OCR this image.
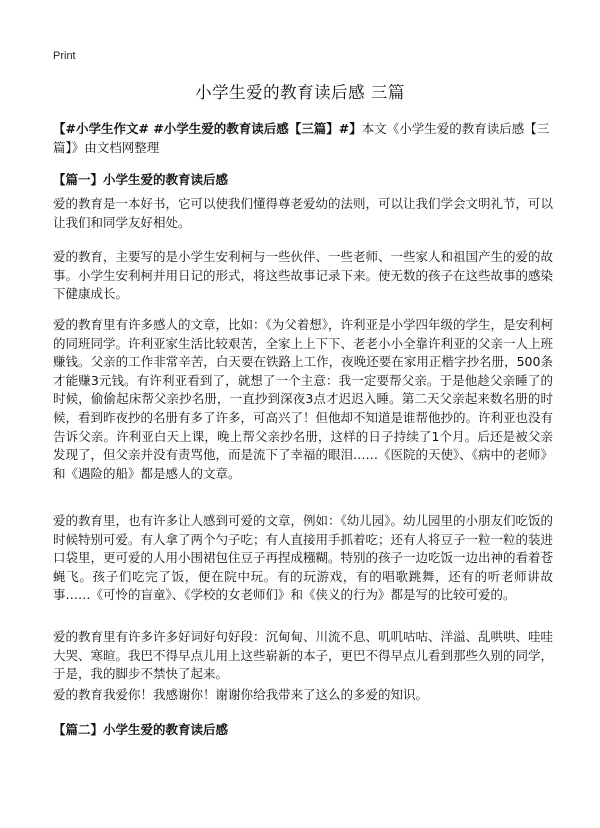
Print
小学生爱的教育读后感 三篇
【#小学生作文# #小学生爱的教育读后感【三篇】#】本文《小学生爱的教育读后感【三篇】》由文档网整理
【篇一】小学生爱的教育读后感

爱的教育是一本好书，它可以使我们懂得尊老爱幼的法则，可以让我们学会文明礼节，可以让我们和同学友好相处。

爱的教育，主要写的是小学生安利柯与一些伙伴、一些老师、一些家人和祖国产生的爱的故事。小学生安利柯并用日记的形式，将这些故事记录下来。使无数的孩子在这些故事的感染下健康成长。

爱的教育里有许多感人的文章，比如：《为父着想》，许利亚是小学四年级的学生，是安利柯的同班同学。许利亚家生活比较艰苦，全家上上下下、老老小小全靠许利亚的父亲一人上班赚钱。父亲的工作非常辛苦，白天要在铁路上工作，夜晚还要在家用正楷字抄名册，500条才能赚3元钱。有许利亚看到了，就想了一个主意：我一定要帮父亲。于是他趁父亲睡了的时候，偷偷起床帮父亲抄名册，一直抄到深夜3点才迟迟入睡。第二天父亲起来数名册的时候，看到昨夜抄的名册有多了许多，可高兴了！但他却不知道是谁帮他抄的。许利亚也没有告诉父亲。许利亚白天上课，晚上帮父亲抄名册，这样的日子持续了1个月。后还是被父亲发现了，但父亲并没有责骂他，而是流下了幸福的眼泪……《医院的天使》、《病中的老师》和《遇险的船》都是感人的文章。

爱的教育里，也有许多让人感到可爱的文章，例如：《幼儿园》。幼儿园里的小朋友们吃饭的时候特别可爱。有人拿了两个勺子吃；有人直接用手抓着吃；还有人将豆子一粒一粒的装进口袋里，更可爱的人用小围裙包住豆子再捏成糨糊。特别的孩子一边吃饭一边出神的看着苍蝇飞。孩子们吃完了饭，便在院中玩。有的玩游戏，有的唱歌跳舞，还有的听老师讲故事……《可怜的盲童》、《学校的女老师们》和《侠义的行为》都是写的比较可爱的。

爱的教育里有许多许多好词好句好段：沉甸甸、川流不息、叽叽咕咕、洋溢、乱哄哄、哇哇大哭、寒暄。我巴不得早点儿用上这些崭新的本子，更巴不得早点儿看到那些久别的同学，于是，我的脚步不禁快了起来。

爱的教育我爱你！我感谢你！谢谢你给我带来了这么的多爱的知识。

【篇二】小学生爱的教育读后感
